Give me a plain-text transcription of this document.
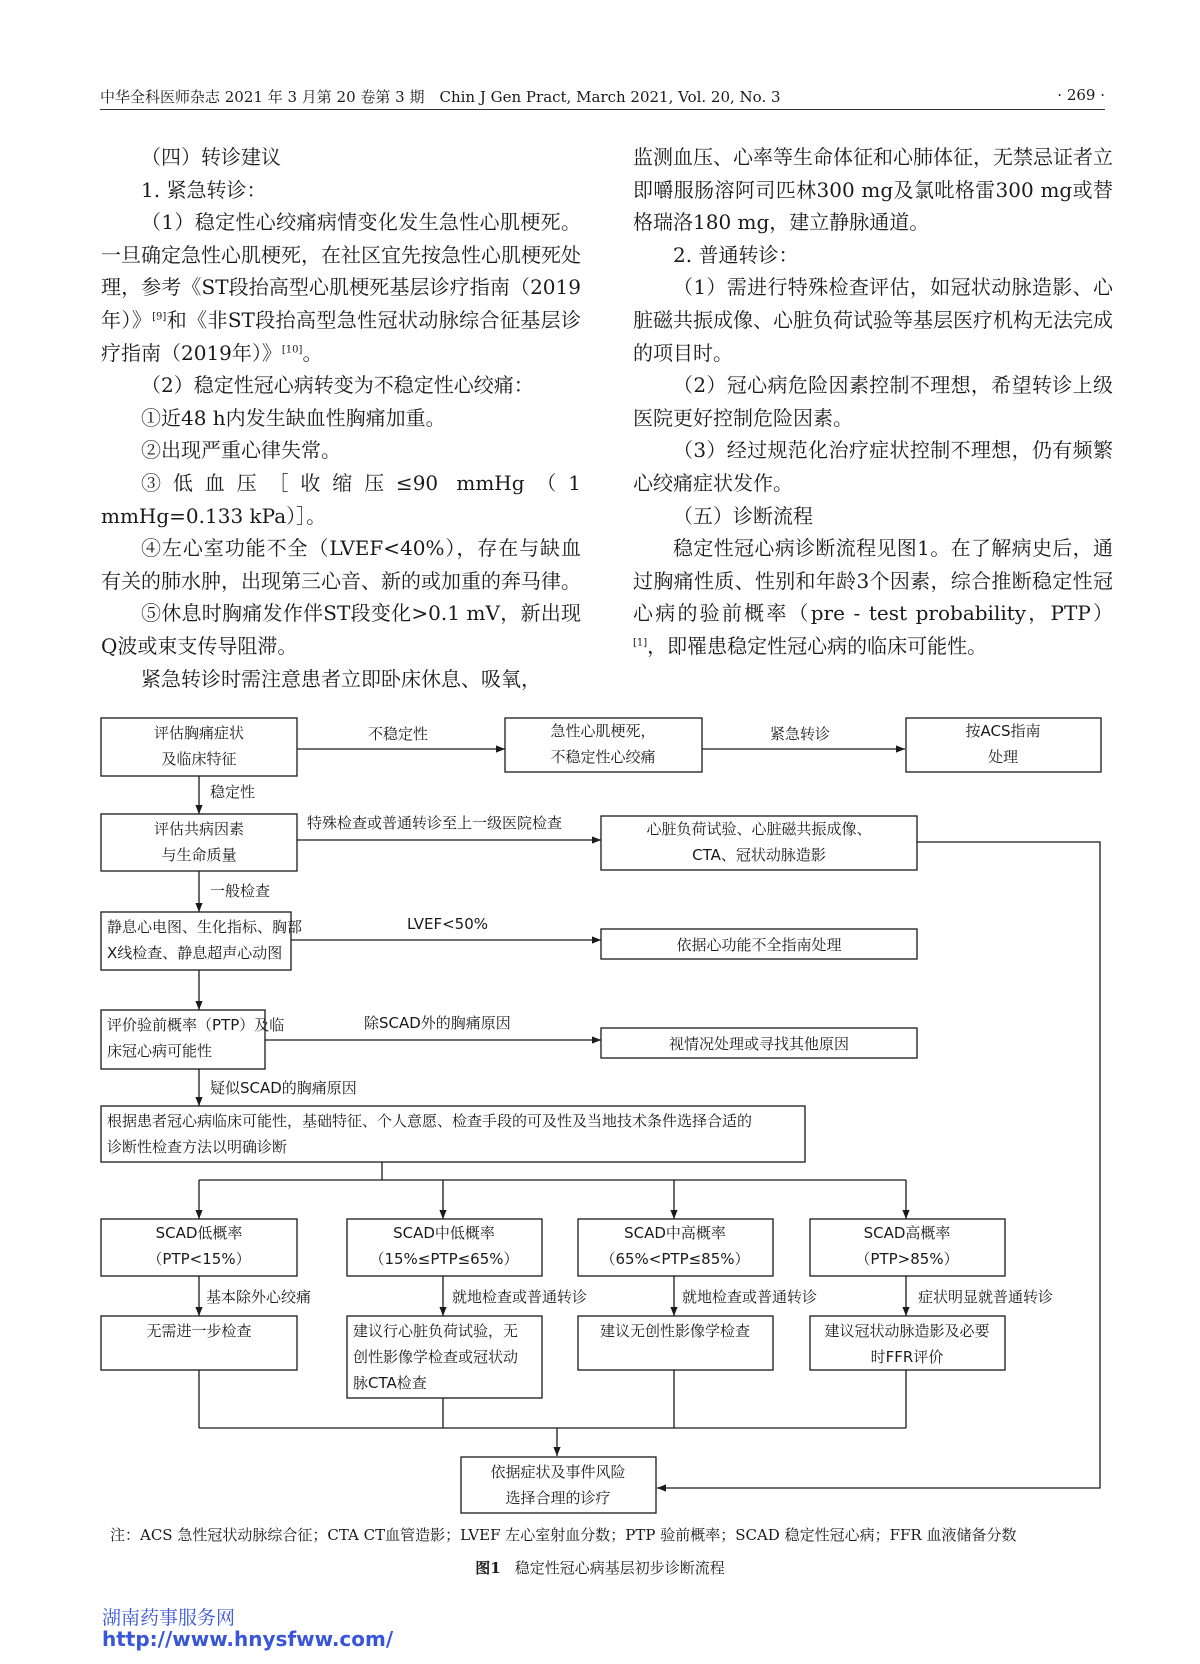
中华全科医师杂志 2021 年 3 月第 20 卷第 3 期　Chin J Gen Pract, March 2021, Vol. 20, No. 3	· 269 ·

（四）转诊建议

1. 紧急转诊：

（1）稳定性心绞痛病情变化发生急性心肌梗死。一旦确定急性心肌梗死，在社区宜先按急性心肌梗死处理，参考《ST段抬高型心肌梗死基层诊疗指南（2019年）》[9]和《非ST段抬高型急性冠状动脉综合征基层诊疗指南（2019年）》[10]。

（2）稳定性冠心病转变为不稳定性心绞痛：

①近48 h内发生缺血性胸痛加重。

②出现严重心律失常。

③低血压［收缩压≤90 mmHg（1 mmHg=0.133 kPa）］。

④左心室功能不全（LVEF<40%），存在与缺血有关的肺水肿，出现第三心音、新的或加重的奔马律。

⑤休息时胸痛发作伴ST段变化>0.1 mV，新出现Q波或束支传导阻滞。

紧急转诊时需注意患者立即卧床休息、吸氧，

监测血压、心率等生命体征和心肺体征，无禁忌证者立即嚼服肠溶阿司匹林300 mg及氯吡格雷300 mg或替格瑞洛180 mg，建立静脉通道。

2. 普通转诊：

（1）需进行特殊检查评估，如冠状动脉造影、心脏磁共振成像、心脏负荷试验等基层医疗机构无法完成的项目时。

（2）冠心病危险因素控制不理想，希望转诊上级医院更好控制危险因素。

（3）经过规范化治疗症状控制不理想，仍有频繁心绞痛症状发作。

（五）诊断流程

稳定性冠心病诊断流程见图1。在了解病史后，通过胸痛性质、性别和年龄3个因素，综合推断稳定性冠心病的验前概率（pre - test probability，PTP）[1]，即罹患稳定性冠心病的临床可能性。

评估胸痛症状
及临床特征
急性心肌梗死，
不稳定性心绞痛
按ACS指南
处理
评估共病因素
与生命质量
心脏负荷试验、心脏磁共振成像、
CTA、冠状动脉造影
静息心电图、生化指标、胸部
X线检查、静息超声心动图	依据心功能不全指南处理
评价验前概率（PTP）及临
床冠心病可能性	视情况处理或寻找其他原因
根据患者冠心病临床可能性，基础特征、个人意愿、检查手段的可及性及当地技术条件选择合适的
诊断性检查方法以明确诊断
SCAD低概率
（PTP<15%）
SCAD中低概率
（15%≤PTP≤65%）
SCAD中高概率
（65%<PTP≤85%）
SCAD高概率
（PTP>85%）
无需进一步检查	建议行心脏负荷试验，无
创性影像学检查或冠状动
脉CTA检查
建议无创性影像学检查	建议冠状动脉造影及必要
时FFR评价
依据症状及事件风险
选择合理的诊疗
不稳定性	紧急转诊
稳定性
特殊检查或普通转诊至上一级医院检查
一般检查
LVEF<50%
除SCAD外的胸痛原因
疑似SCAD的胸痛原因
基本除外心绞痛	就地检查或普通转诊	就地检查或普通转诊	症状明显就普通转诊
注：ACS 急性冠状动脉综合征；CTA CT血管造影；LVEF 左心室射血分数；PTP 验前概率；SCAD 稳定性冠心病；FFR 血液储备分数
图1 稳定性冠心病基层初步诊断流程
湖南药事服务网
http://www.hnysfww.com/
